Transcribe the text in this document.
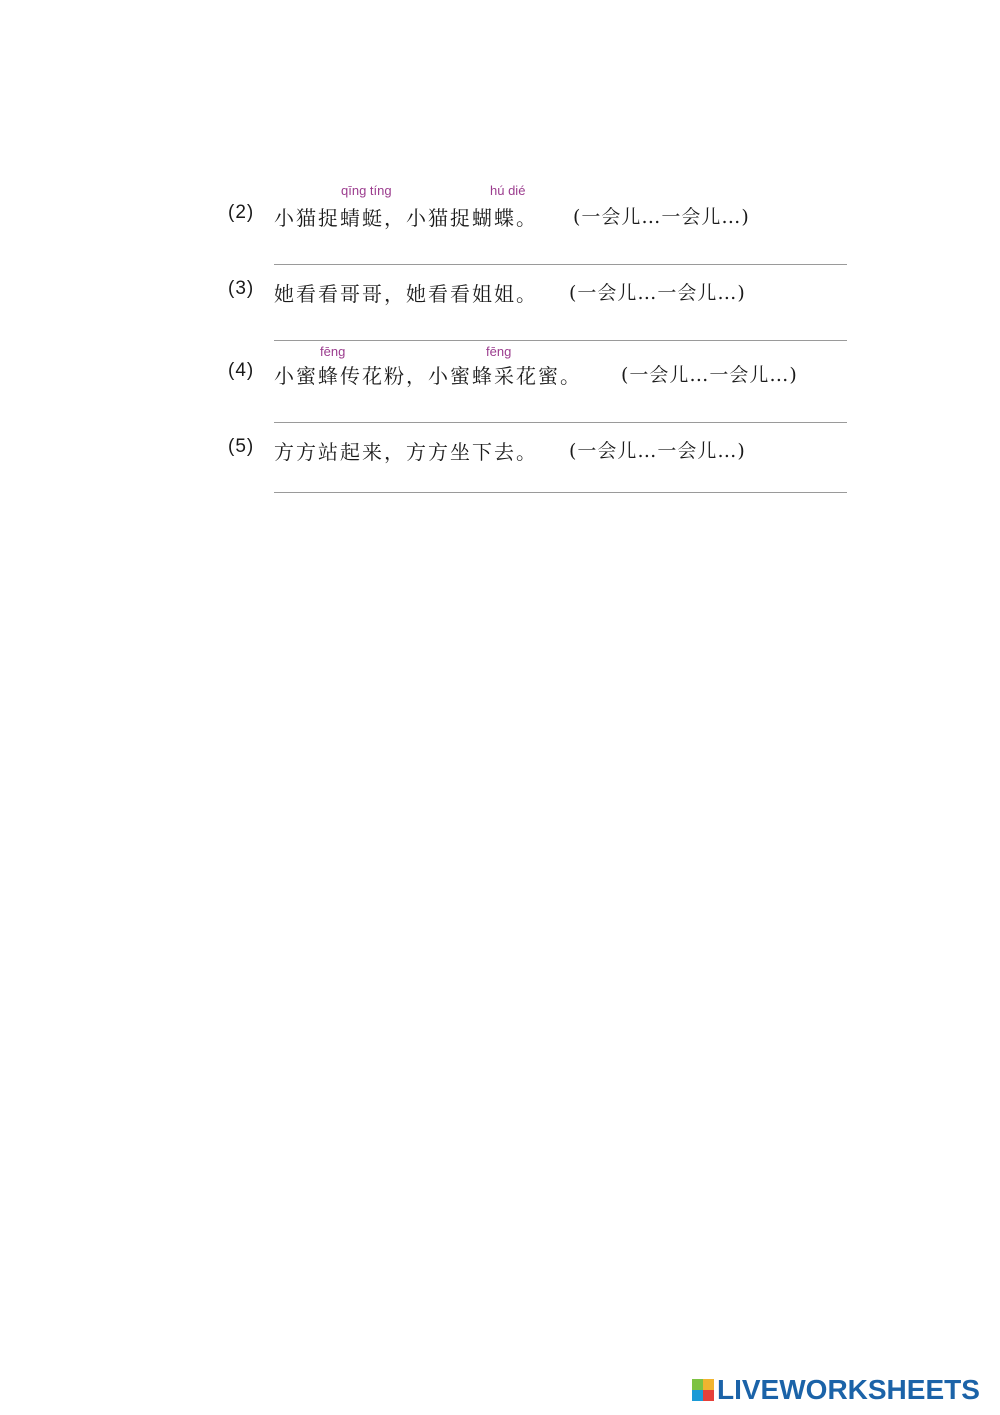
qīng tíng	hú dié
(2) 小猫捉蜻蜓，小猫捉蝴蝶。 (一会儿…一会儿…)
(3) 她看看哥哥，她看看姐姐。 (一会儿…一会儿…)
fēng	fēng
(4) 小蜜蜂传花粉，小蜜蜂采花蜜。 (一会儿…一会儿…)
(5) 方方站起来，方方坐下去。 (一会儿…一会儿…)
LIVEWORKSHEETS
